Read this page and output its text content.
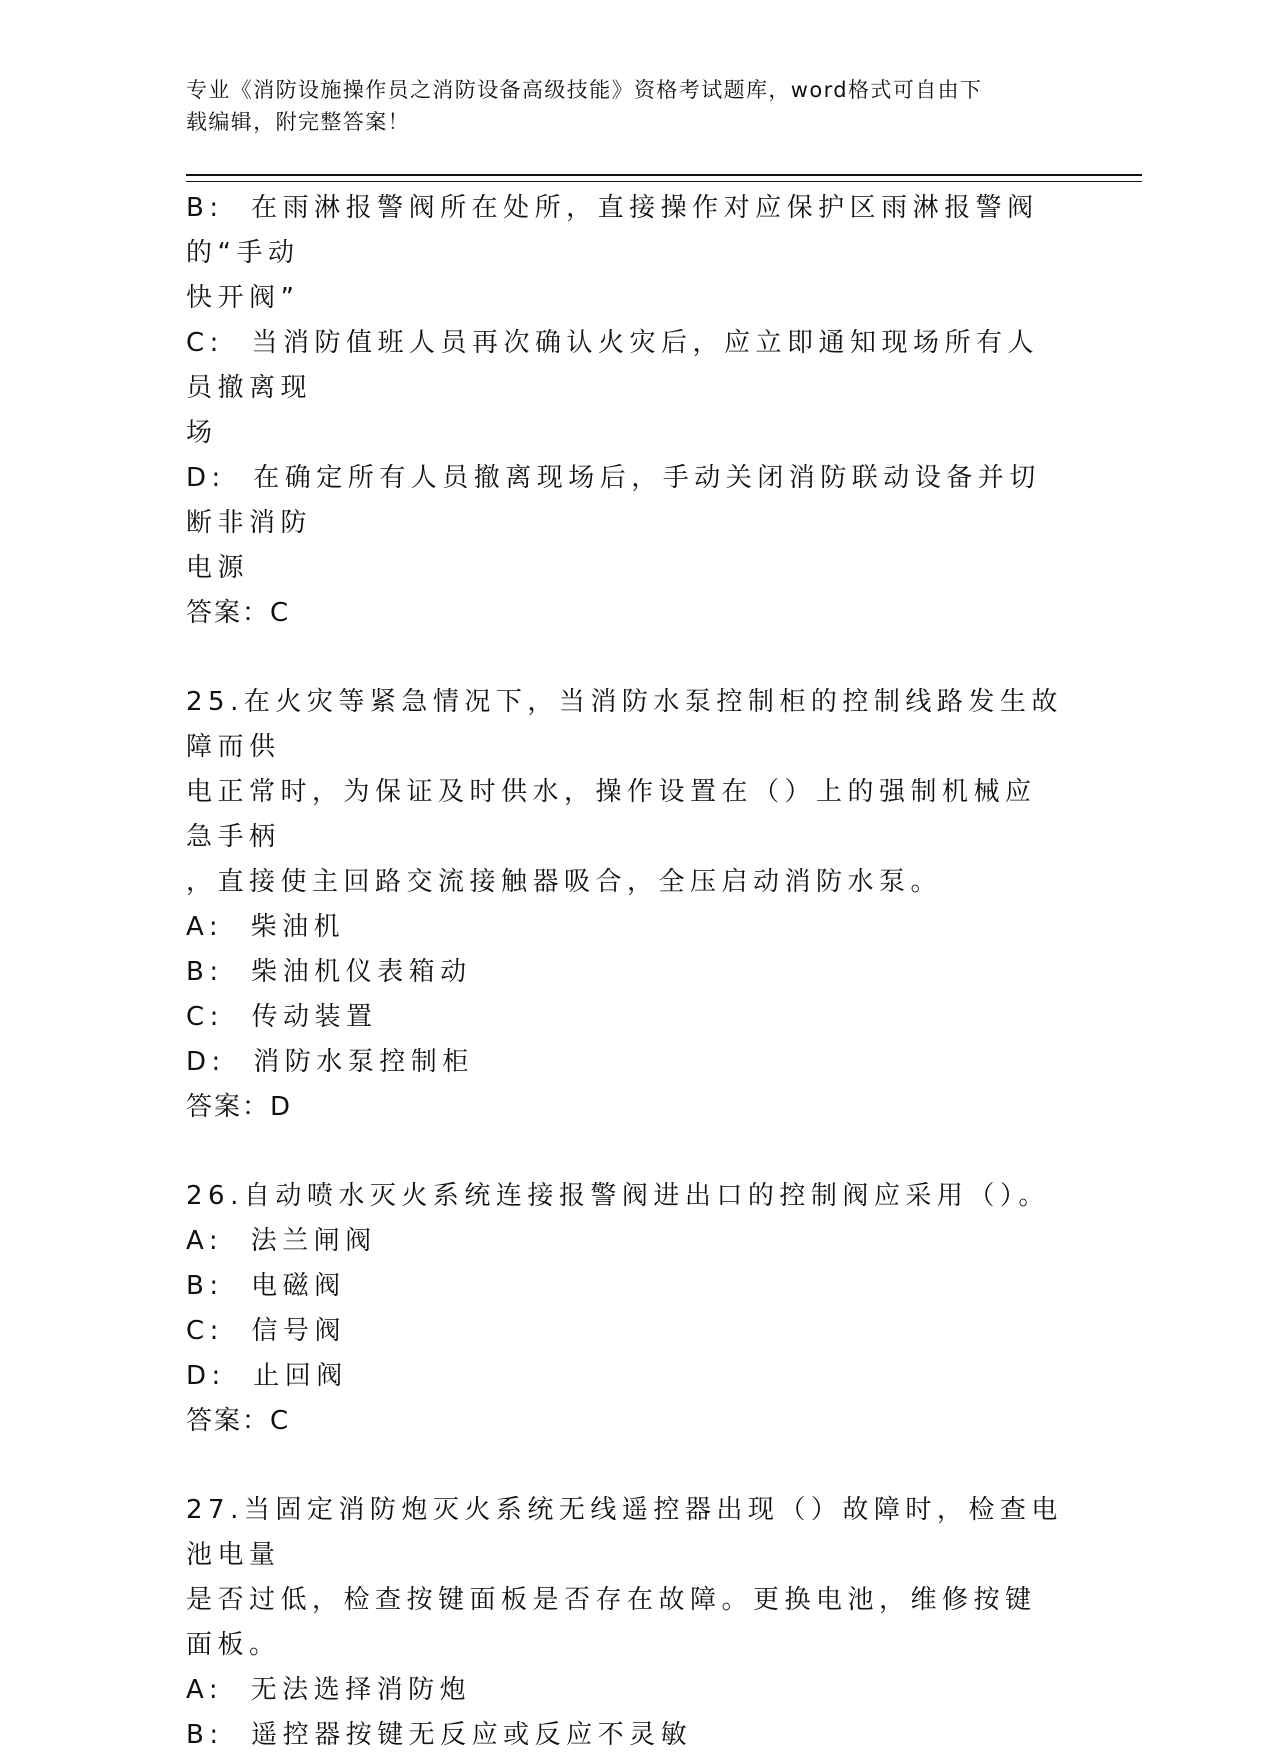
专业《消防设施操作员之消防设备高级技能》资格考试题库，word格式可自由下
载编辑，附完整答案！

B:  在雨淋报警阀所在处所，直接操作对应保护区雨淋报警阀的“手动

快开阀”

C:  当消防值班人员再次确认火灾后，应立即通知现场所有人员撤离现

场

D:  在确定所有人员撤离现场后，手动关闭消防联动设备并切断非消防

电源

答案：C

25.在火灾等紧急情况下，当消防水泵控制柜的控制线路发生故障而供

电正常时，为保证及时供水，操作设置在（）上的强制机械应急手柄

，直接使主回路交流接触器吸合，全压启动消防水泵。

A:  柴油机

B:  柴油机仪表箱动

C:  传动装置

D:  消防水泵控制柜

答案：D

26.自动喷水灭火系统连接报警阀进出口的控制阀应采用（）。

A:  法兰闸阀

B:  电磁阀

C:  信号阀

D:  止回阀

答案：C

27.当固定消防炮灭火系统无线遥控器出现（）故障时，检查电池电量

是否过低，检查按键面板是否存在故障。更换电池，维修按键面板。

A:  无法选择消防炮

B:  遥控器按键无反应或反应不灵敏
